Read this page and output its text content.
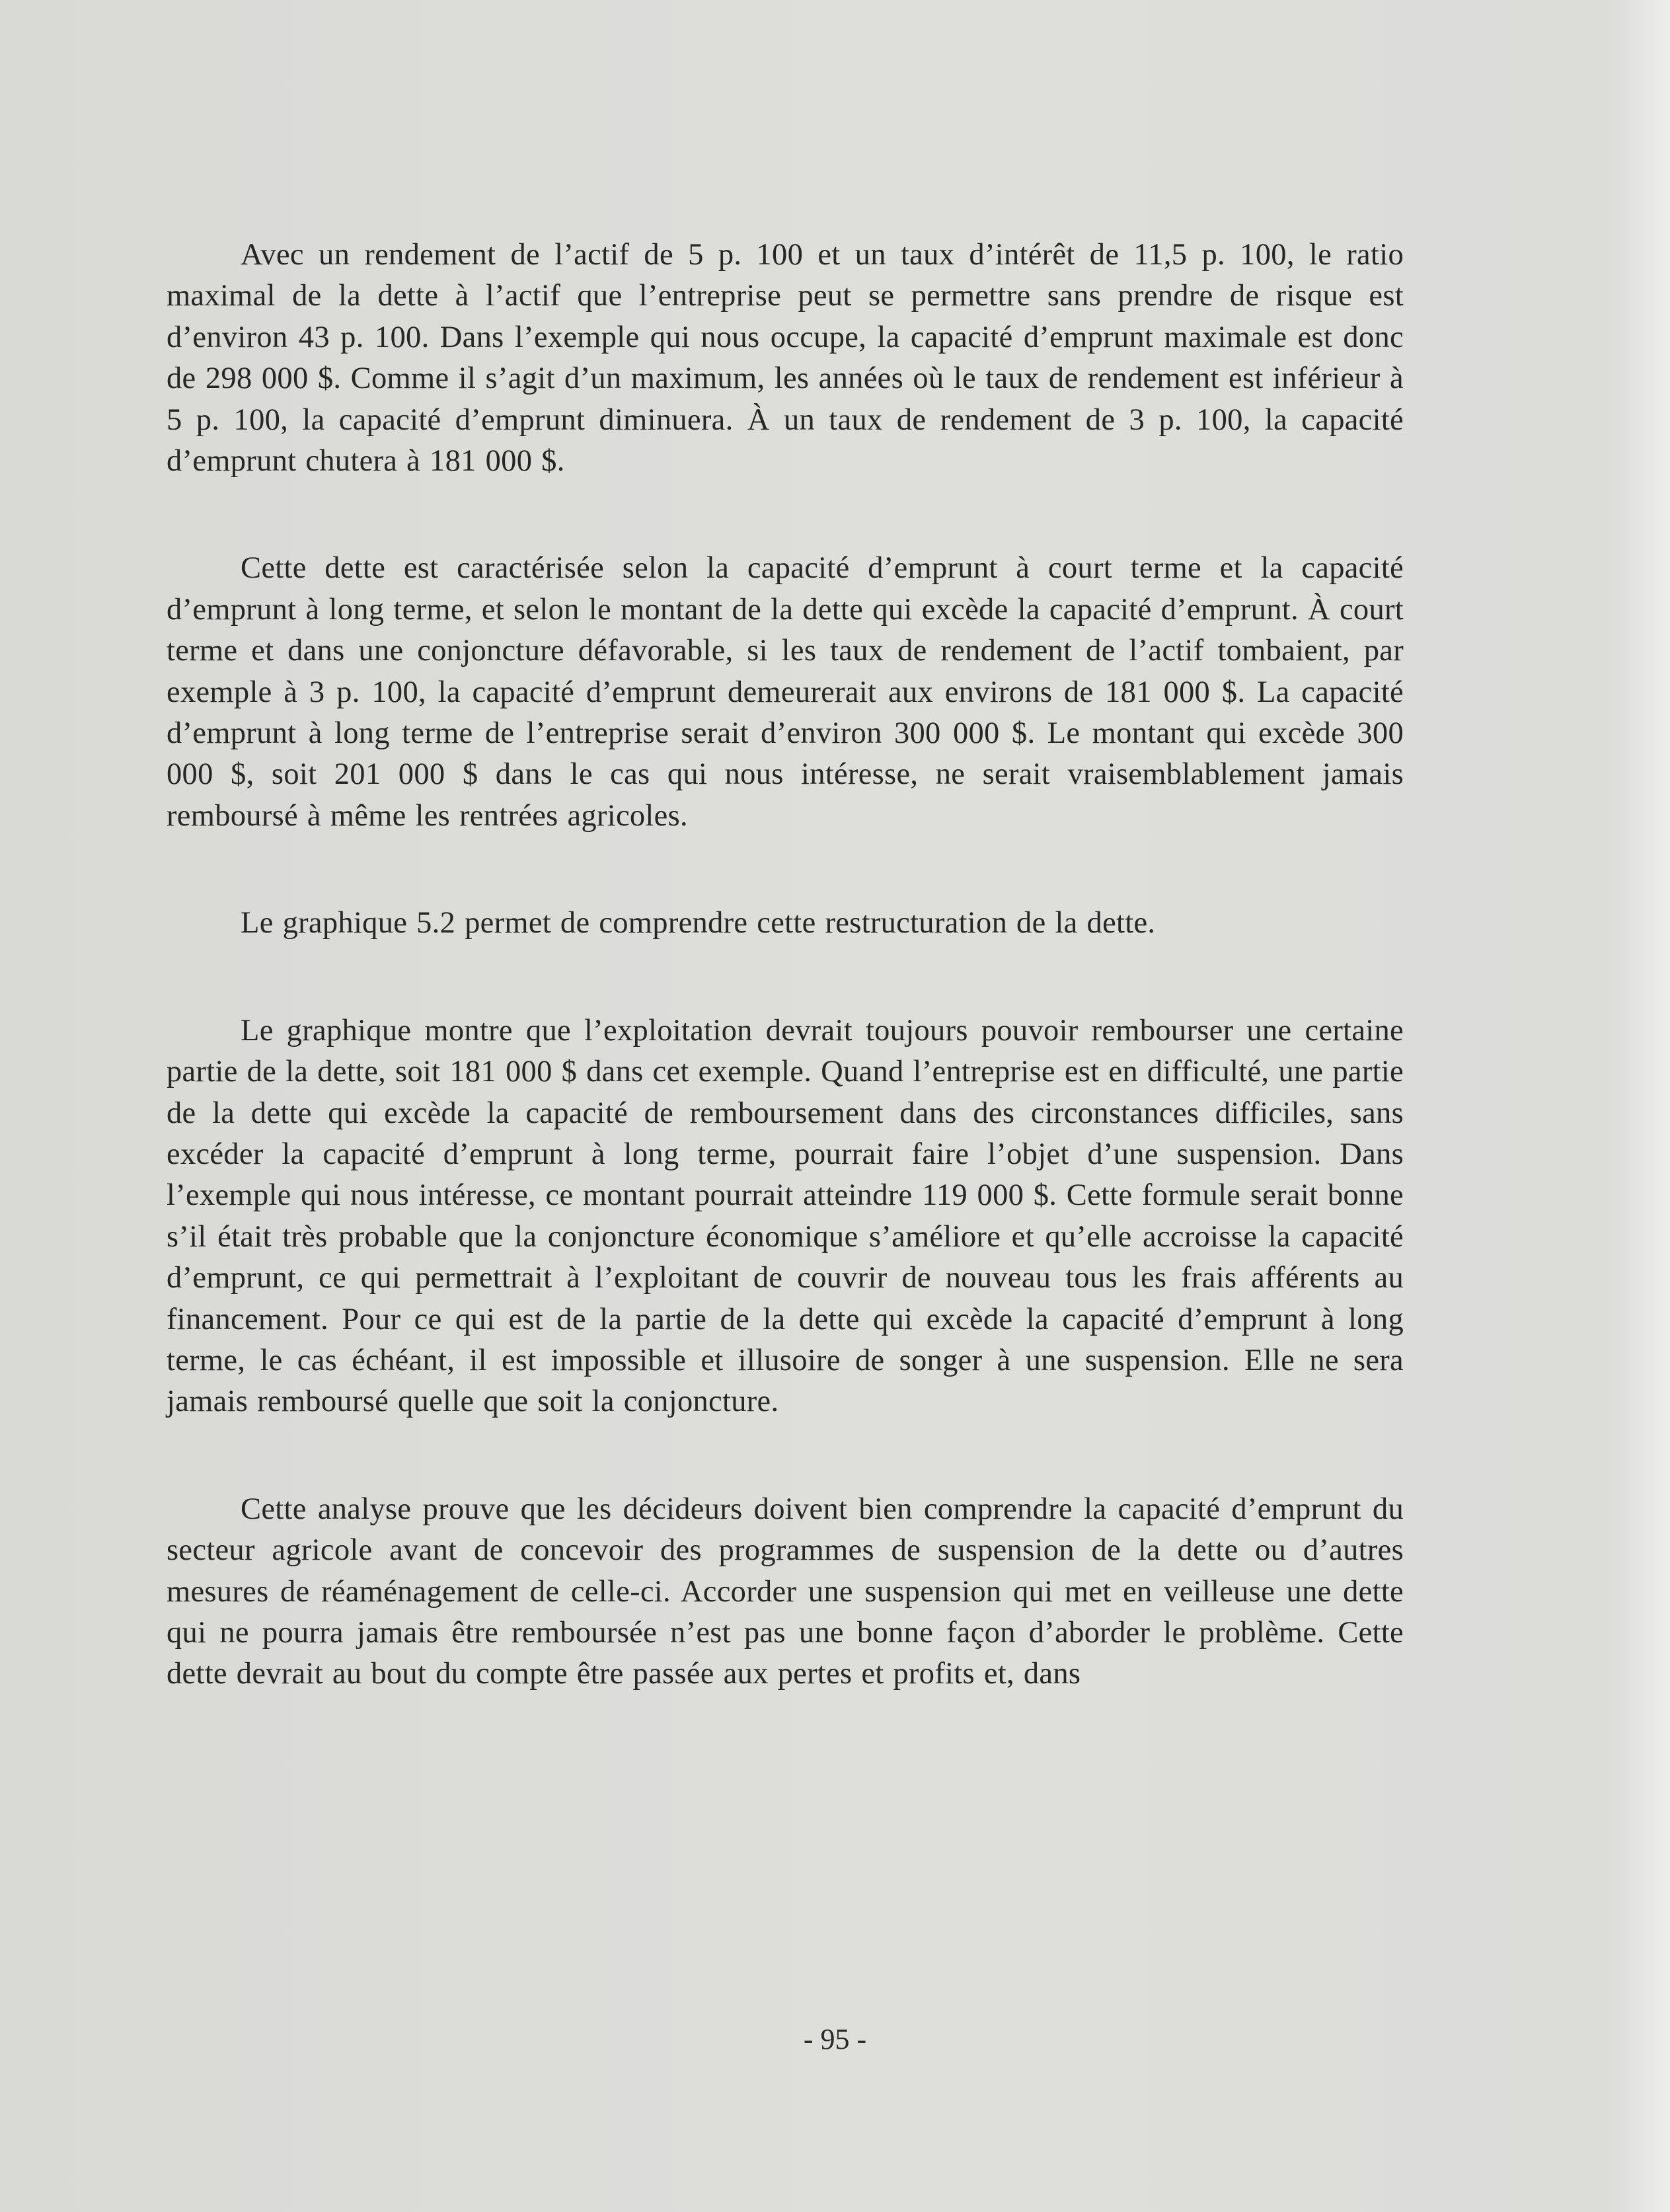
Avec un rendement de l’actif de 5 p. 100 et un taux d’intérêt de 11,5 p. 100, le ratio maximal de la dette à l’actif que l’entreprise peut se permettre sans prendre de risque est d’environ 43 p. 100. Dans l’exemple qui nous occupe, la capacité d’emprunt maximale est donc de 298 000 $. Comme il s’agit d’un maximum, les années où le taux de rendement est inférieur à 5 p. 100, la capacité d’emprunt diminuera. À un taux de rendement de 3 p. 100, la capacité d’emprunt chutera à 181 000 $.

Cette dette est caractérisée selon la capacité d’emprunt à court terme et la capacité d’emprunt à long terme, et selon le montant de la dette qui excède la capacité d’emprunt. À court terme et dans une conjoncture défavorable, si les taux de rendement de l’actif tombaient, par exemple à 3 p. 100, la capacité d’emprunt demeurerait aux environs de 181 000 $. La capacité d’emprunt à long terme de l’entreprise serait d’environ 300 000 $. Le montant qui excède 300 000 $, soit 201 000 $ dans le cas qui nous intéresse, ne serait vraisemblablement jamais remboursé à même les rentrées agricoles.

Le graphique 5.2 permet de comprendre cette restructuration de la dette.

Le graphique montre que l’exploitation devrait toujours pouvoir rembourser une certaine partie de la dette, soit 181 000 $ dans cet exemple. Quand l’entreprise est en difficulté, une partie de la dette qui excède la capacité de remboursement dans des circonstances difficiles, sans excéder la capacité d’emprunt à long terme, pourrait faire l’objet d’une suspension. Dans l’exemple qui nous intéresse, ce montant pourrait atteindre 119 000 $. Cette formule serait bonne s’il était très probable que la conjoncture économique s’améliore et qu’elle accroisse la capacité d’emprunt, ce qui permettrait à l’exploitant de couvrir de nouveau tous les frais afférents au financement. Pour ce qui est de la partie de la dette qui excède la capacité d’emprunt à long terme, le cas échéant, il est impossible et illusoire de songer à une suspension. Elle ne sera jamais remboursé quelle que soit la conjoncture.

Cette analyse prouve que les décideurs doivent bien comprendre la capacité d’emprunt du secteur agricole avant de concevoir des programmes de suspension de la dette ou d’autres mesures de réaménagement de celle-ci. Accorder une suspension qui met en veilleuse une dette qui ne pourra jamais être remboursée n’est pas une bonne façon d’aborder le problème. Cette dette devrait au bout du compte être passée aux pertes et profits et, dans

- 95 -
